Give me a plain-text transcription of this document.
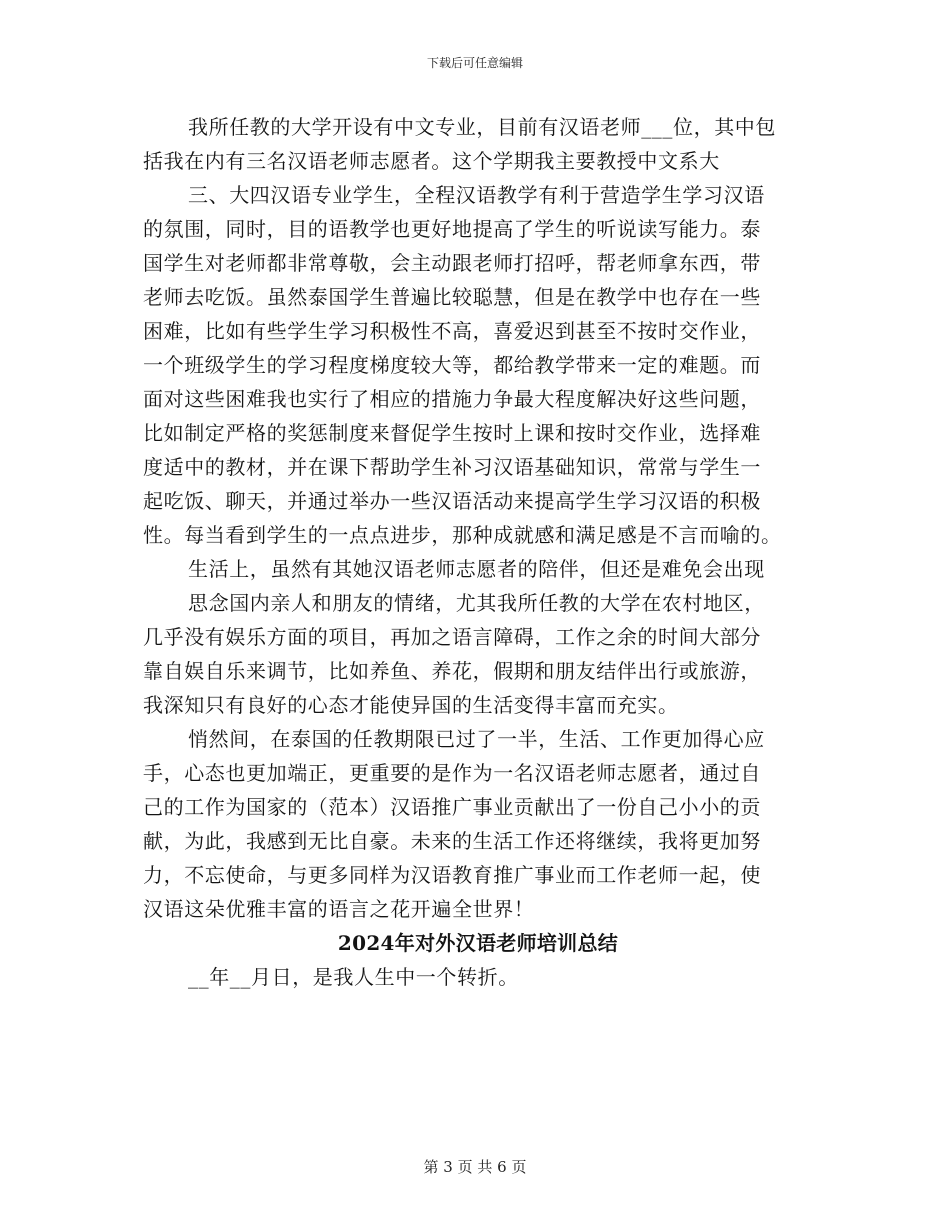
下载后可任意编辑
我所任教的大学开设有中文专业，目前有汉语老师___位，其中包
括我在内有三名汉语老师志愿者。这个学期我主要教授中文系大
三、大四汉语专业学生，全程汉语教学有利于营造学生学习汉语
的氛围，同时，目的语教学也更好地提高了学生的听说读写能力。泰
国学生对老师都非常尊敬，会主动跟老师打招呼，帮老师拿东西，带
老师去吃饭。虽然泰国学生普遍比较聪慧，但是在教学中也存在一些
困难，比如有些学生学习积极性不高，喜爱迟到甚至不按时交作业，
一个班级学生的学习程度梯度较大等，都给教学带来一定的难题。而
面对这些困难我也实行了相应的措施力争最大程度解决好这些问题，
比如制定严格的奖惩制度来督促学生按时上课和按时交作业，选择难
度适中的教材，并在课下帮助学生补习汉语基础知识，常常与学生一
起吃饭、聊天，并通过举办一些汉语活动来提高学生学习汉语的积极
性。每当看到学生的一点点进步，那种成就感和满足感是不言而喻的。
生活上，虽然有其她汉语老师志愿者的陪伴，但还是难免会出现
思念国内亲人和朋友的情绪，尤其我所任教的大学在农村地区，
几乎没有娱乐方面的项目，再加之语言障碍，工作之余的时间大部分
靠自娱自乐来调节，比如养鱼、养花，假期和朋友结伴出行或旅游，
我深知只有良好的心态才能使异国的生活变得丰富而充实。
悄然间，在泰国的任教期限已过了一半，生活、工作更加得心应
手，心态也更加端正，更重要的是作为一名汉语老师志愿者，通过自
己的工作为国家的（范本）汉语推广事业贡献出了一份自己小小的贡
献，为此，我感到无比自豪。未来的生活工作还将继续，我将更加努
力，不忘使命，与更多同样为汉语教育推广事业而工作老师一起，使
汉语这朵优雅丰富的语言之花开遍全世界！
2024年对外汉语老师培训总结
__年__月日，是我人生中一个转折。
第 3 页 共 6 页
